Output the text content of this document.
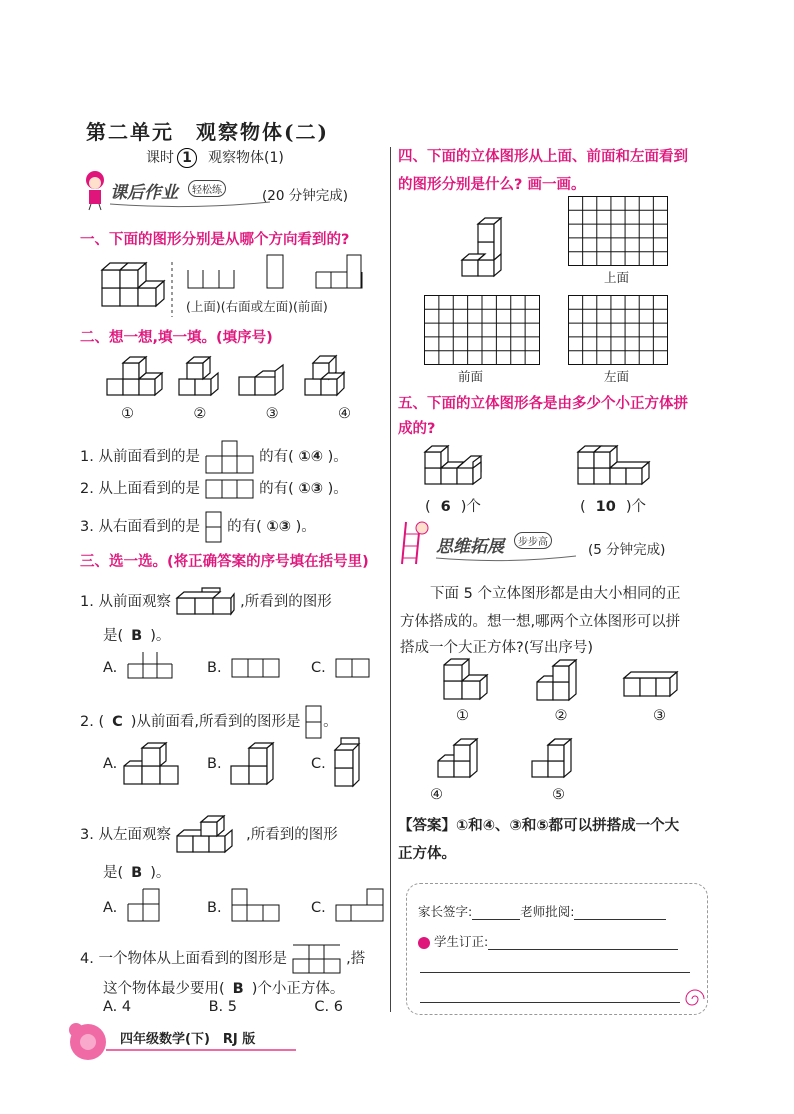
第二单元　观察物体(二)
课时 1 观察物体(1)
课后作业	轻松练	(20 分钟完成)
一、下面的图形分别是从哪个方向看到的?
(上面)(右面或左面)(前面)
二、想一想,填一填。(填序号)
①	②	③	④
1. 从前面看到的是	的有( ①④ )。
2. 从上面看到的是	的有( ①③ )。
3. 从右面看到的是 的有( ①③ )。
三、选一选。(将正确答案的序号填在括号里)
1. 从前面观察	,所看到的图形
是( B )。
A.	B.	C.
2. ( C )从前面看,所看到的图形是 。
A.	B.	C.
3. 从左面观察	,所看到的图形
是( B )。
A.	B.	C.
4. 一个物体从上面看到的图形是	,搭
这个物体最少要用( B )个小正方体。
A. 4	B. 5	C. 6
四年级数学(下)　RJ 版
四、下面的立体图形从上面、前面和左面看到
的图形分别是什么? 画一画。
上面
前面	左面
五、下面的立体图形各是由多少个小正方体拼
成的?
( 6 )个	( 10 )个
思维拓展	步步高	(5 分钟完成)
下面 5 个立体图形都是由大小相同的正
方体搭成的。想一想,哪两个立体图形可以拼
搭成一个大正方体?(写出序号)
①	②	③
④	⑤
【答案】①和④、③和⑤都可以拼搭成一个大
正方体。
家长签字:	老师批阅:
学生订正:
